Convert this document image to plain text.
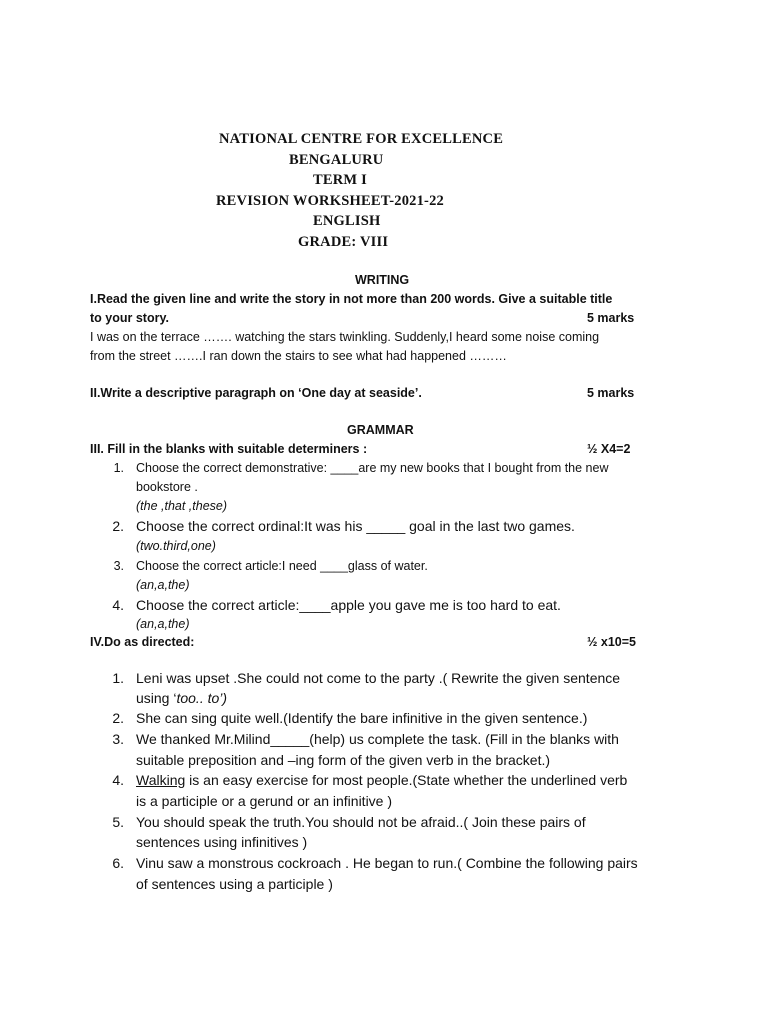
NATIONAL CENTRE FOR EXCELLENCE
BENGALURU
TERM I
REVISION WORKSHEET-2021-22
ENGLISH
GRADE: VIII
WRITING
I.Read the given line and write the story in not more than 200 words. Give a suitable title
to your story.	5 marks
I was on the terrace ……. watching the stars twinkling. Suddenly,I heard some noise coming
from the street …….I ran down the stairs to see what had happened ………
II.Write a descriptive paragraph on ‘One day at seaside’.	5 marks
GRAMMAR
III. Fill in the blanks with suitable determiners :	½ X4=2
1. Choose the correct demonstrative: ____are my new books that I bought from the new
bookstore .
(the ,that ,these)
2. Choose the correct ordinal:It was his _____ goal in the last two games.
(two.third,one)
3. Choose the correct article:I need ____glass of water.
(an,a,the)
4. Choose the correct article:____apple you gave me is too hard to eat.
(an,a,the)
IV.Do as directed:	½ x10=5
1. Leni was upset .She could not come to the party .( Rewrite the given sentence
using ‘too.. to’)
2. She can sing quite well.(Identify the bare infinitive in the given sentence.)
3. We thanked Mr.Milind_____(help) us complete the task. (Fill in the blanks with
suitable preposition and –ing form of the given verb in the bracket.)
4. Walking is an easy exercise for most people.(State whether the underlined verb
is a participle or a gerund or an infinitive )
5. You should speak the truth.You should not be afraid..( Join these pairs of
sentences using infinitives )
6. Vinu saw a monstrous cockroach . He began to run.( Combine the following pairs
of sentences using a participle )
